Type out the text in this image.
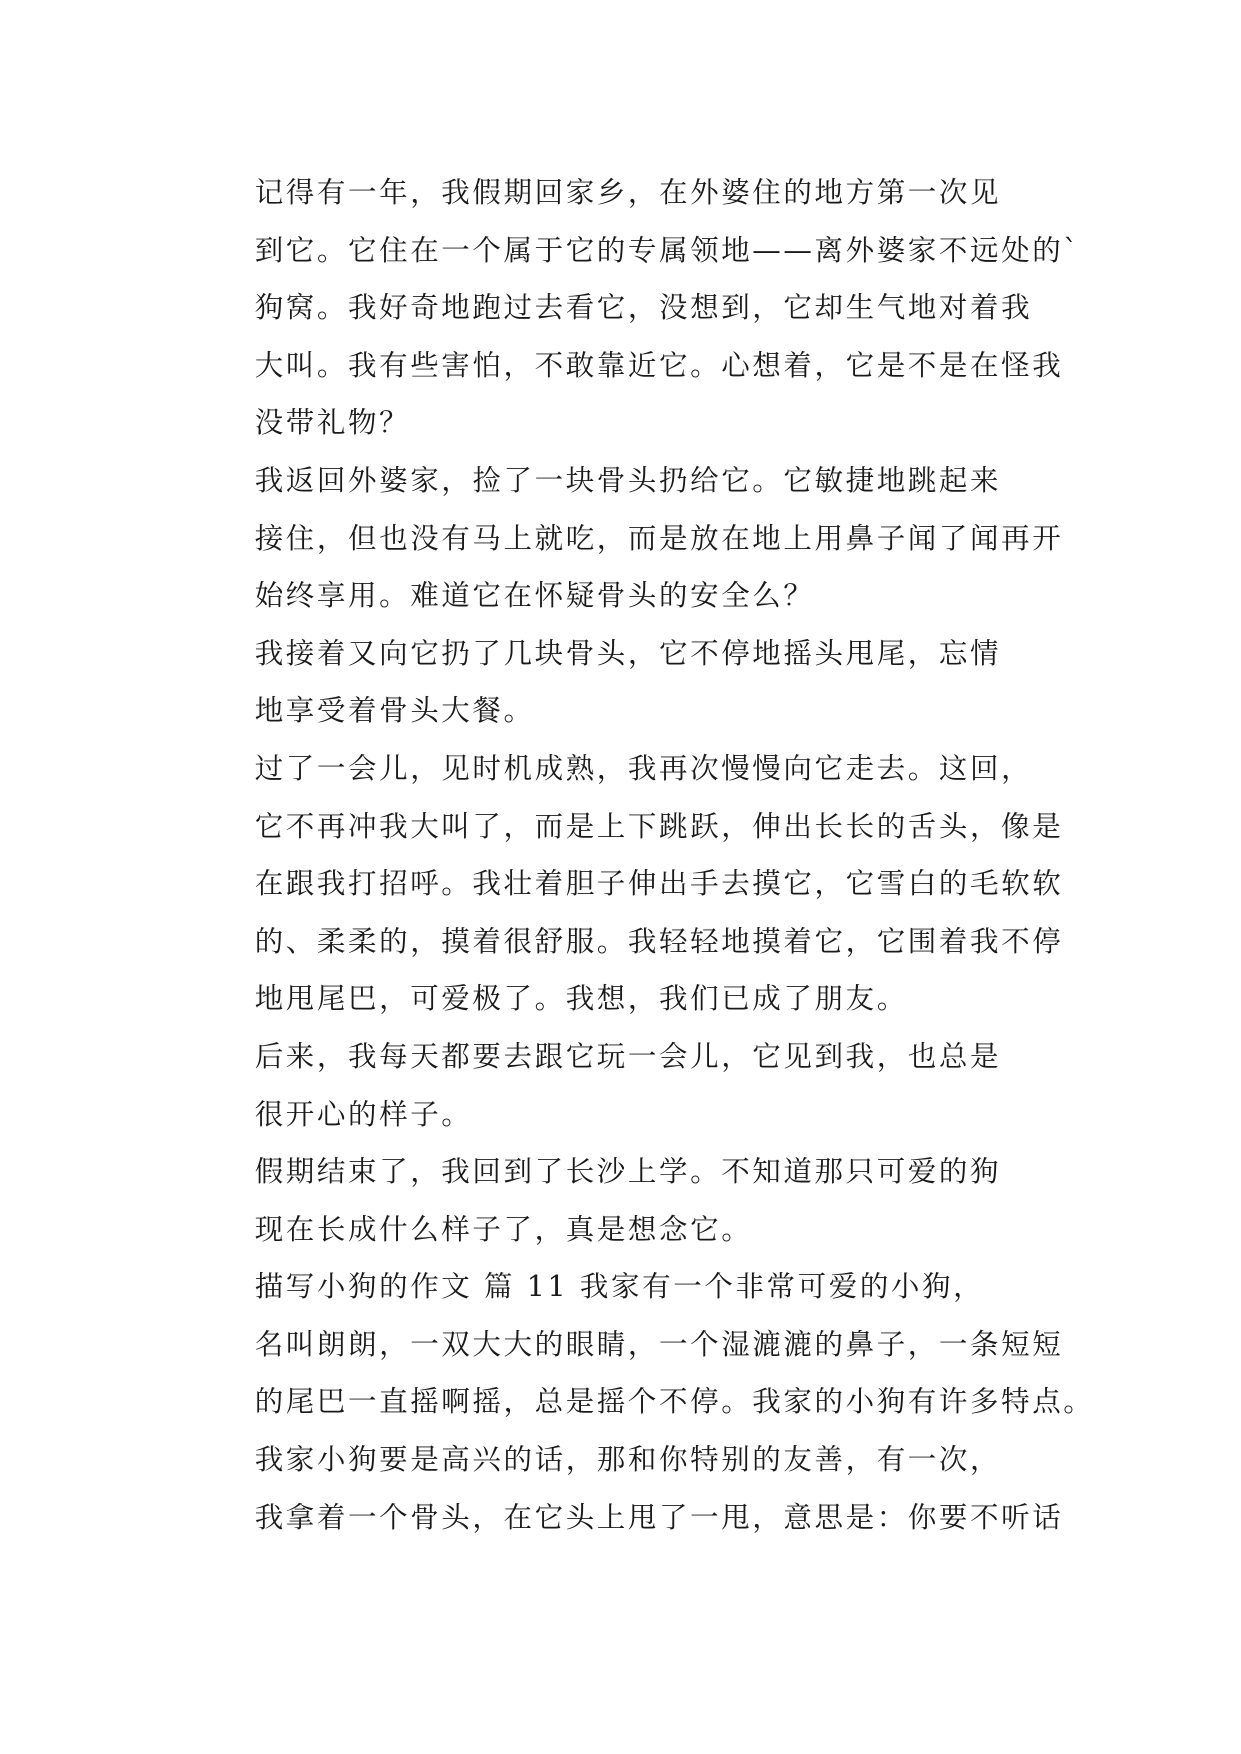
记得有一年，我假期回家乡，在外婆住的地方第一次见
到它。它住在一个属于它的专属领地——离外婆家不远处的`
狗窝。我好奇地跑过去看它，没想到，它却生气地对着我
大叫。我有些害怕，不敢靠近它。心想着，它是不是在怪我
没带礼物？

我返回外婆家，捡了一块骨头扔给它。它敏捷地跳起来
接住，但也没有马上就吃，而是放在地上用鼻子闻了闻再开
始终享用。难道它在怀疑骨头的安全么？

我接着又向它扔了几块骨头，它不停地摇头甩尾，忘情
地享受着骨头大餐。

过了一会儿，见时机成熟，我再次慢慢向它走去。这回，
它不再冲我大叫了，而是上下跳跃，伸出长长的舌头，像是
在跟我打招呼。我壮着胆子伸出手去摸它，它雪白的毛软软
的、柔柔的，摸着很舒服。我轻轻地摸着它，它围着我不停
地甩尾巴，可爱极了。我想，我们已成了朋友。

后来，我每天都要去跟它玩一会儿，它见到我，也总是
很开心的样子。

假期结束了，我回到了长沙上学。不知道那只可爱的狗
现在长成什么样子了，真是想念它。

描写小狗的作文 篇 11 我家有一个非常可爱的小狗，
名叫朗朗，一双大大的眼睛，一个湿漉漉的鼻子，一条短短
的尾巴一直摇啊摇，总是摇个不停。我家的小狗有许多特点。

我家小狗要是高兴的话，那和你特别的友善，有一次，
我拿着一个骨头，在它头上甩了一甩，意思是：你要不听话
